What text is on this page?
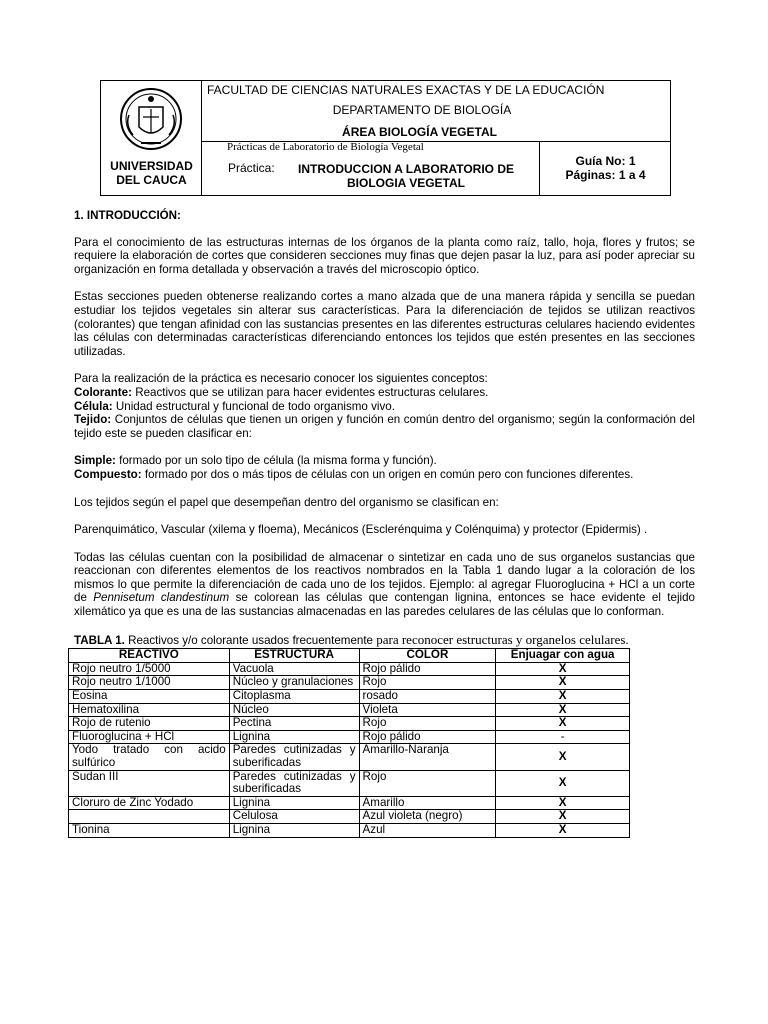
UNIVERSIDAD DEL CAUCA
FACULTAD DE CIENCIAS NATURALES EXACTAS Y DE LA EDUCACIÓN
DEPARTAMENTO DE BIOLOGÍA
ÁREA BIOLOGÍA VEGETAL
Prácticas de Laboratorio de Biología Vegetal
Práctica:	INTRODUCCION A LABORATORIO DE BIOLOGIA VEGETAL
Guía No: 1
Páginas: 1 a 4
1. INTRODUCCIÓN:

Para el conocimiento de las estructuras internas de los órganos de la planta como raíz, tallo, hoja, flores y frutos; se requiere la elaboración de cortes que consideren secciones muy finas que dejen pasar la luz, para así poder apreciar su organización en forma detallada y observación a través del microscopio óptico.

Estas secciones pueden obtenerse realizando cortes a mano alzada que de una manera rápida y sencilla se puedan estudiar los tejidos vegetales sin alterar sus características. Para la diferenciación de tejidos se utilizan reactivos (colorantes) que tengan afinidad con las sustancias presentes en las diferentes estructuras celulares haciendo evidentes las células con determinadas características diferenciando entonces los tejidos que estén presentes en las secciones utilizadas.

Para la realización de la práctica es necesario conocer los siguientes conceptos:
Colorante: Reactivos que se utilizan para hacer evidentes estructuras celulares.
Célula: Unidad estructural y funcional de todo organismo vivo.
Tejido: Conjuntos de células que tienen un origen y función en común dentro del organismo; según la conformación del tejido este se pueden clasificar en:
Simple: formado por un solo tipo de célula (la misma forma y función).
Compuesto: formado por dos o más tipos de células con un origen en común pero con funciones diferentes.

Los tejidos según el papel que desempeñan dentro del organismo se clasifican en:

Parenquimático, Vascular (xilema y floema), Mecánicos (Esclerénquima y Colénquima) y protector (Epidermis) .

Todas las células cuentan con la posibilidad de almacenar o sintetizar en cada uno de sus organelos sustancias que reaccionan con diferentes elementos de los reactivos nombrados en la Tabla 1 dando lugar a la coloración de los mismos lo que permite la diferenciación de cada uno de los tejidos. Ejemplo: al agregar Fluoroglucina + HCl a un corte de Pennisetum clandestinum se colorean las células que contengan lignina, entonces se hace evidente el tejido xilemático ya que es una de las sustancias almacenadas en las paredes celulares de las células que lo conforman.

TABLA 1. Reactivos y/o colorante usados frecuentemente para reconocer estructuras y organelos celulares.
REACTIVO	ESTRUCTURA	COLOR	Enjuagar con agua
Rojo neutro 1/5000	Vacuola	Rojo pálido	X
Rojo neutro 1/1000	Núcleo y granulaciones	Rojo	X
Eosina	Citoplasma	rosado	X
Hematoxilina	Núcleo	Violeta	X
Rojo de rutenio	Pectina	Rojo	X
Fluoroglucina + HCl	Lignina	Rojo pálido	-
Yodo tratado con acido sulfúrico	Paredes cutinizadas y suberificadas	Amarillo-Naranja	X
Sudan III	Paredes cutinizadas y suberificadas	Rojo	X
Cloruro de Zinc Yodado	Lignina	Amarillo	X
	Celulosa	Azul violeta (negro)	X
Tionina	Lignina	Azul	X
